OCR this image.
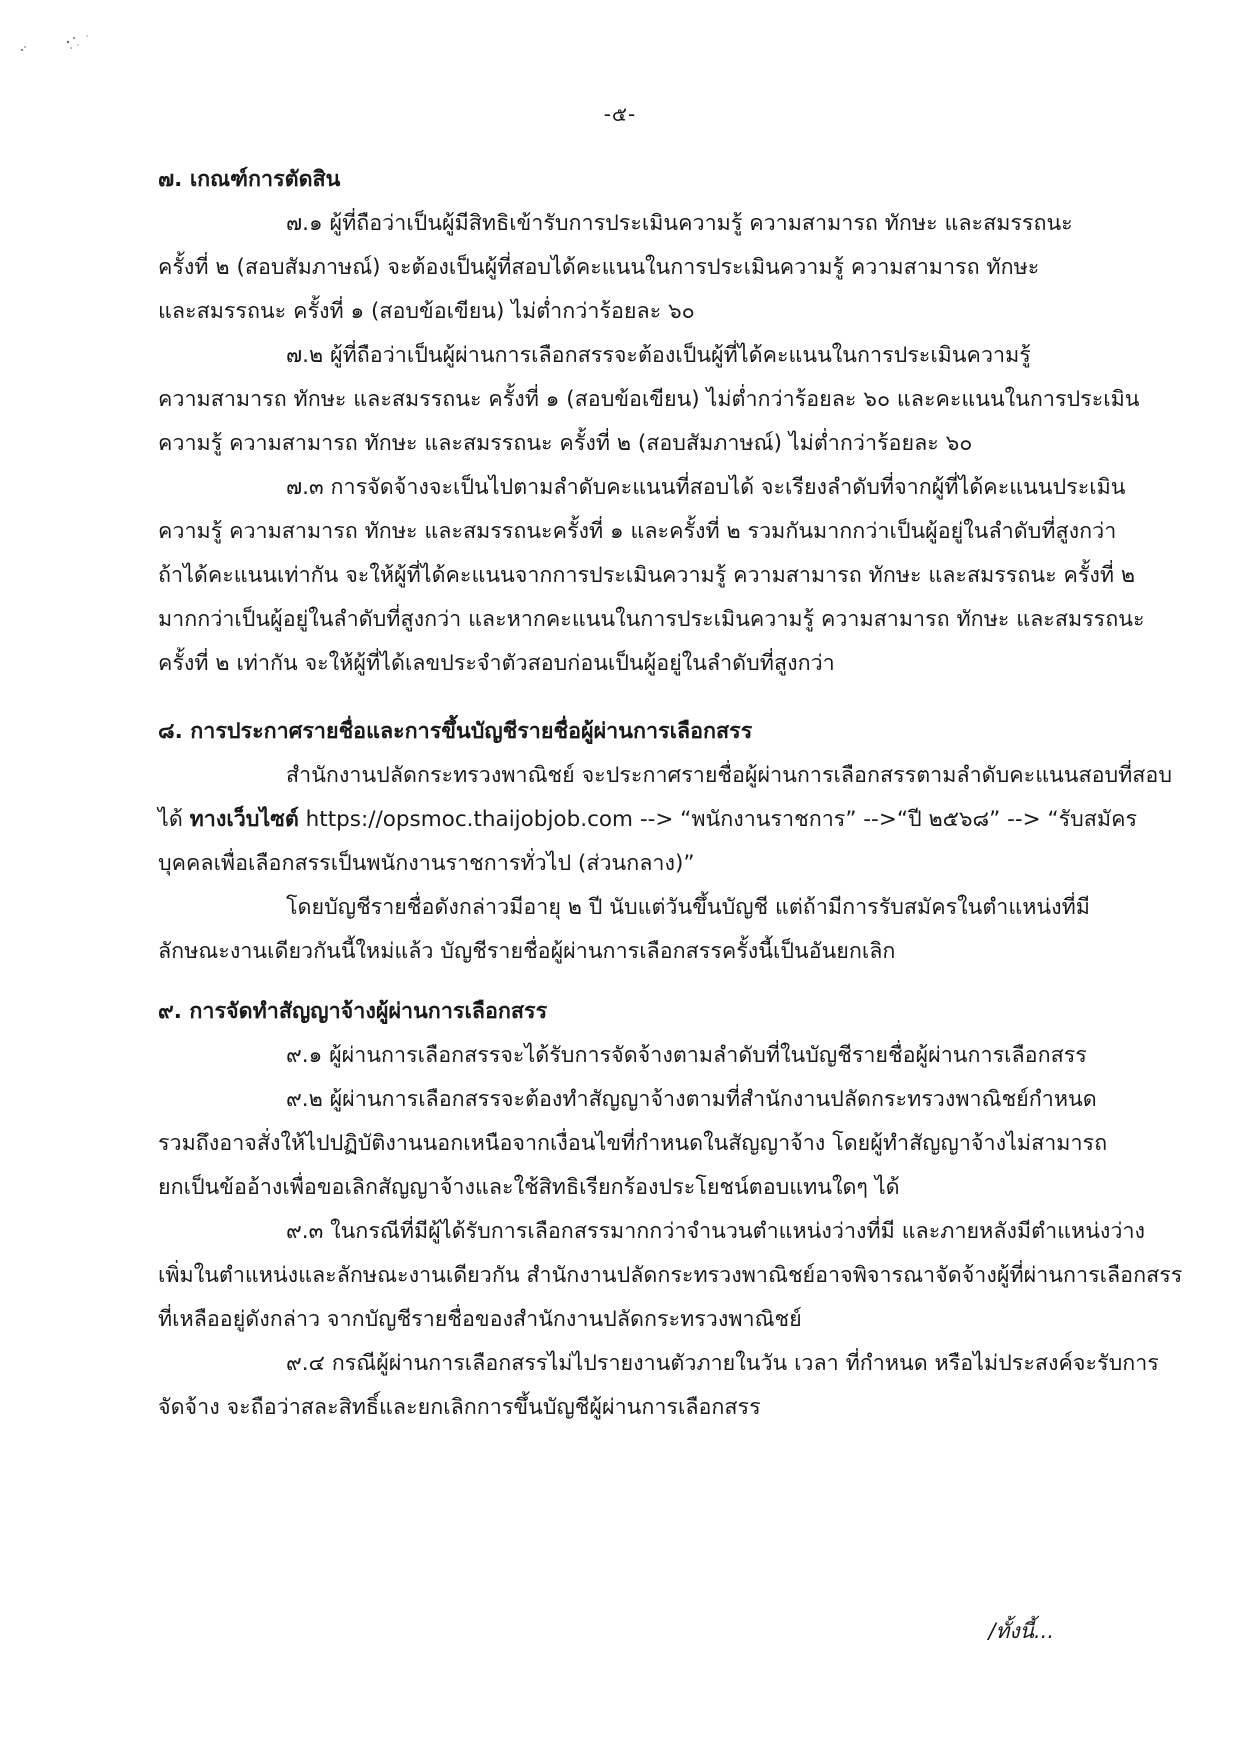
-๕-

๗. เกณฑ์การตัดสิน

๗.๑ ผู้ที่ถือว่าเป็นผู้มีสิทธิเข้ารับการประเมินความรู้ ความสามารถ ทักษะ และสมรรถนะ

ครั้งที่ ๒ (สอบสัมภาษณ์) จะต้องเป็นผู้ที่สอบได้คะแนนในการประเมินความรู้ ความสามารถ ทักษะ

และสมรรถนะ ครั้งที่ ๑ (สอบข้อเขียน) ไม่ต่ำกว่าร้อยละ ๖๐

๗.๒ ผู้ที่ถือว่าเป็นผู้ผ่านการเลือกสรรจะต้องเป็นผู้ที่ได้คะแนนในการประเมินความรู้

ความสามารถ ทักษะ และสมรรถนะ ครั้งที่ ๑ (สอบข้อเขียน) ไม่ต่ำกว่าร้อยละ ๖๐ และคะแนนในการประเมิน

ความรู้ ความสามารถ ทักษะ และสมรรถนะ ครั้งที่ ๒ (สอบสัมภาษณ์) ไม่ต่ำกว่าร้อยละ ๖๐

๗.๓ การจัดจ้างจะเป็นไปตามลำดับคะแนนที่สอบได้ จะเรียงลำดับที่จากผู้ที่ได้คะแนนประเมิน

ความรู้ ความสามารถ ทักษะ และสมรรถนะครั้งที่ ๑ และครั้งที่ ๒ รวมกันมากกว่าเป็นผู้อยู่ในลำดับที่สูงกว่า

ถ้าได้คะแนนเท่ากัน จะให้ผู้ที่ได้คะแนนจากการประเมินความรู้ ความสามารถ ทักษะ และสมรรถนะ ครั้งที่ ๒

มากกว่าเป็นผู้อยู่ในลำดับที่สูงกว่า และหากคะแนนในการประเมินความรู้ ความสามารถ ทักษะ และสมรรถนะ

ครั้งที่ ๒ เท่ากัน จะให้ผู้ที่ได้เลขประจำตัวสอบก่อนเป็นผู้อยู่ในลำดับที่สูงกว่า

๘. การประกาศรายชื่อและการขึ้นบัญชีรายชื่อผู้ผ่านการเลือกสรร

สำนักงานปลัดกระทรวงพาณิชย์ จะประกาศรายชื่อผู้ผ่านการเลือกสรรตามลำดับคะแนนสอบที่สอบ

ได้ ทางเว็บไซต์ https://opsmoc.thaijobjob.com --> “พนักงานราชการ” -->“ปี ๒๕๖๘” --> “รับสมัคร

บุคคลเพื่อเลือกสรรเป็นพนักงานราชการทั่วไป (ส่วนกลาง)”

โดยบัญชีรายชื่อดังกล่าวมีอายุ ๒ ปี นับแต่วันขึ้นบัญชี แต่ถ้ามีการรับสมัครในตำแหน่งที่มี

ลักษณะงานเดียวกันนี้ใหม่แล้ว บัญชีรายชื่อผู้ผ่านการเลือกสรรครั้งนี้เป็นอันยกเลิก

๙. การจัดทำสัญญาจ้างผู้ผ่านการเลือกสรร

๙.๑ ผู้ผ่านการเลือกสรรจะได้รับการจัดจ้างตามลำดับที่ในบัญชีรายชื่อผู้ผ่านการเลือกสรร

๙.๒ ผู้ผ่านการเลือกสรรจะต้องทำสัญญาจ้างตามที่สำนักงานปลัดกระทรวงพาณิชย์กำหนด

รวมถึงอาจสั่งให้ไปปฏิบัติงานนอกเหนือจากเงื่อนไขที่กำหนดในสัญญาจ้าง โดยผู้ทำสัญญาจ้างไม่สามารถ

ยกเป็นข้ออ้างเพื่อขอเลิกสัญญาจ้างและใช้สิทธิเรียกร้องประโยชน์ตอบแทนใดๆ ได้

๙.๓ ในกรณีที่มีผู้ได้รับการเลือกสรรมากกว่าจำนวนตำแหน่งว่างที่มี และภายหลังมีตำแหน่งว่าง

เพิ่มในตำแหน่งและลักษณะงานเดียวกัน สำนักงานปลัดกระทรวงพาณิชย์อาจพิจารณาจัดจ้างผู้ที่ผ่านการเลือกสรร

ที่เหลืออยู่ดังกล่าว จากบัญชีรายชื่อของสำนักงานปลัดกระทรวงพาณิชย์

๙.๔ กรณีผู้ผ่านการเลือกสรรไม่ไปรายงานตัวภายในวัน เวลา ที่กำหนด หรือไม่ประสงค์จะรับการ

จัดจ้าง จะถือว่าสละสิทธิ์และยกเลิกการขึ้นบัญชีผู้ผ่านการเลือกสรร

/ทั้งนี้...
